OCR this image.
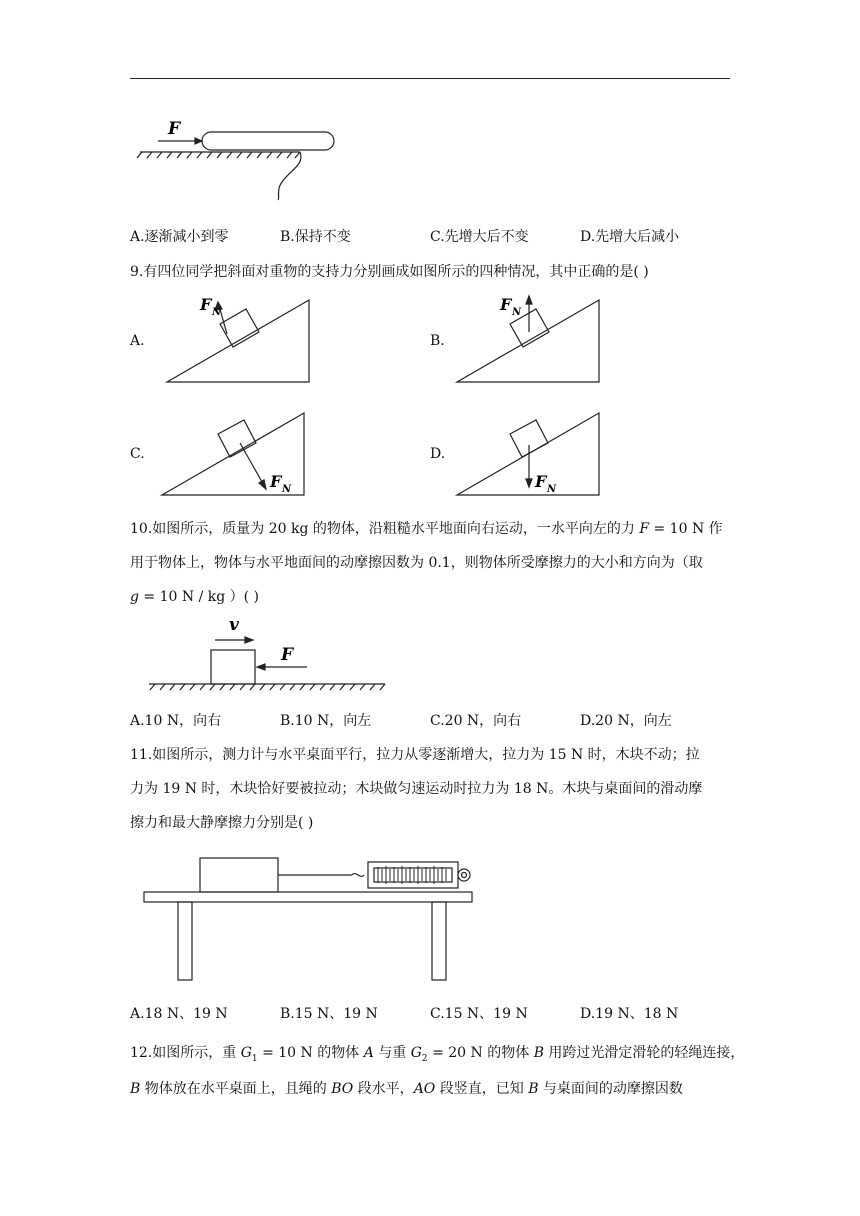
F
A.逐渐减小到零	B.保持不变	C.先增大后不变	D.先增大后减小
9.有四位同学把斜面对重物的支持力分别画成如图所示的四种情况，其中正确的是( )
A.
F N
B.
F N
C.
F N
D.
F N
10.如图所示，质量为 20 kg 的物体，沿粗糙水平地面向右运动，一水平向左的力 F = 10 N 作
用于物体上，物体与水平地面间的动摩擦因数为 0.1，则物体所受摩擦力的大小和方向为（取
g = 10 N / kg ）( )
v
F
A.10 N，向右	B.10 N，向左	C.20 N，向右	D.20 N，向左
11.如图所示，测力计与水平桌面平行，拉力从零逐渐增大，拉力为 15 N 时，木块不动；拉
力为 19 N 时，木块恰好要被拉动；木块做匀速运动时拉力为 18 N。木块与桌面间的滑动摩
擦力和最大静摩擦力分别是( )
A.18 N、19 N	B.15 N、19 N	C.15 N、19 N	D.19 N、18 N
12.如图所示，重 $G_1 = 10$ N 的物体 A 与重 $G_2 = 20$ N 的物体 B 用跨过光滑定滑轮的轻绳连接，
B 物体放在水平桌面上，且绳的 BO 段水平，AO 段竖直，已知 B 与桌面间的动摩擦因数
